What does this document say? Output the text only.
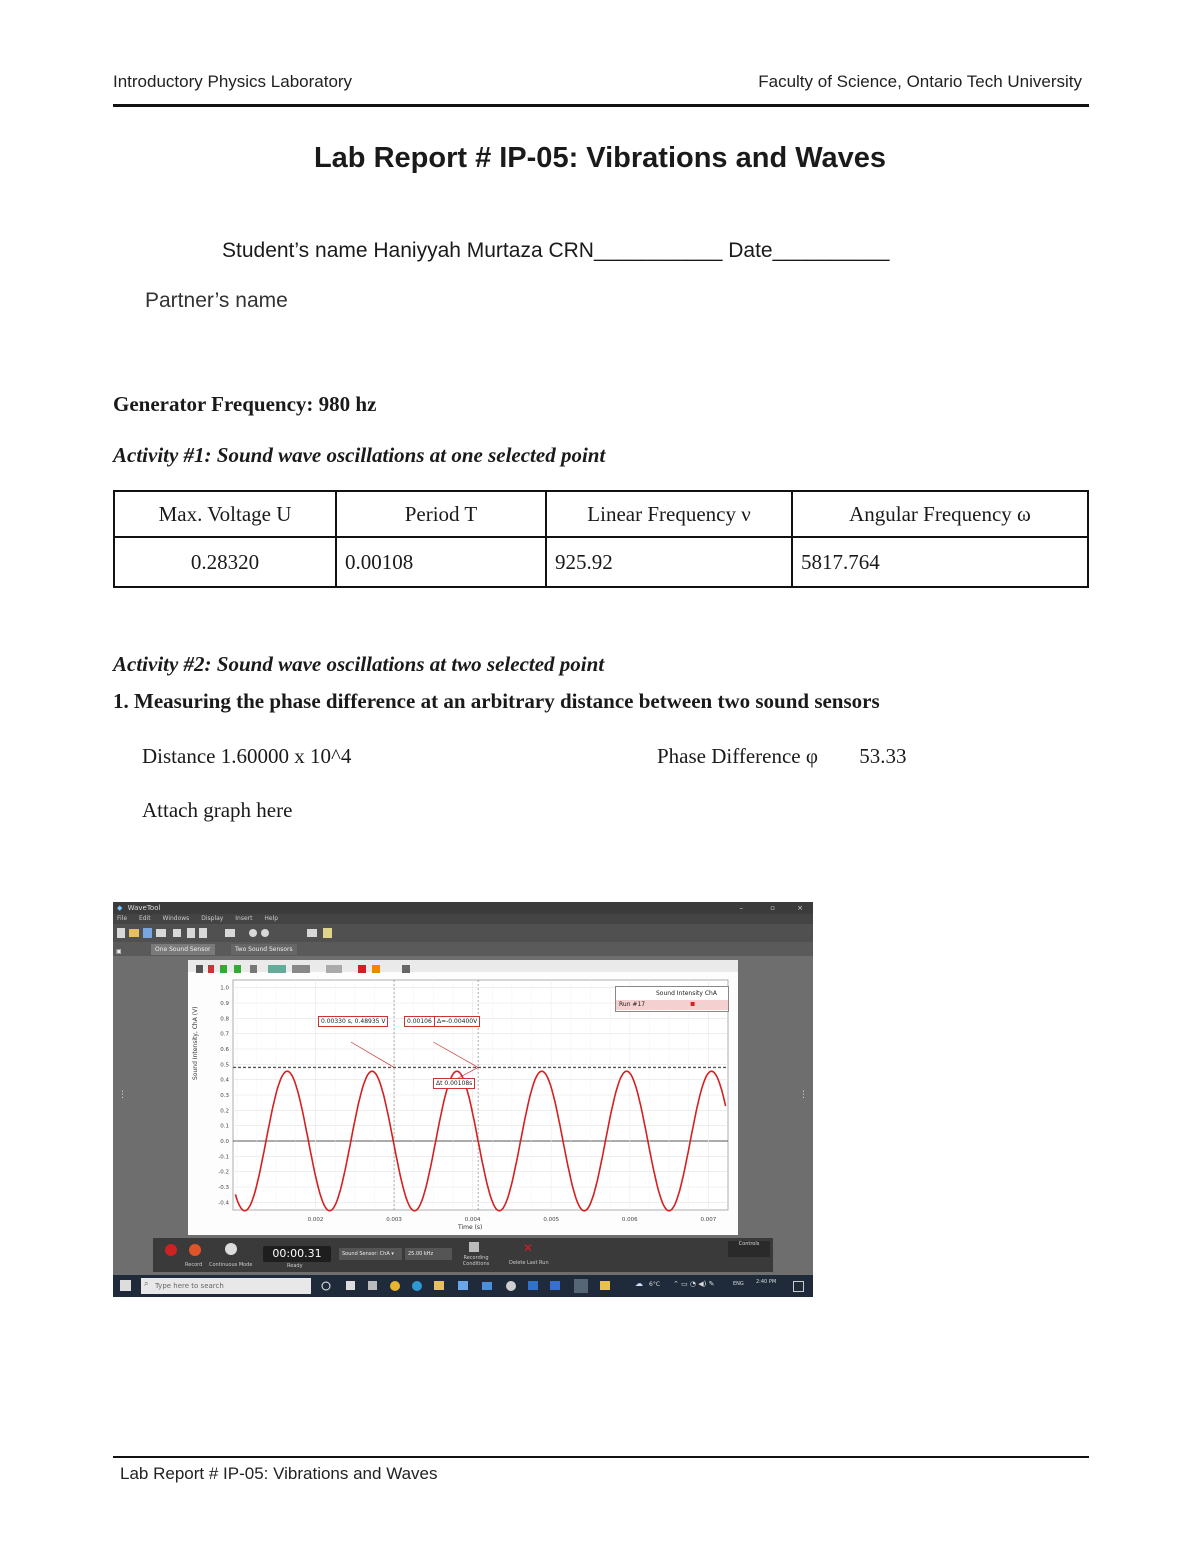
Introductory Physics Laboratory	Faculty of Science, Ontario Tech University
Lab Report # IP-05: Vibrations and Waves
Student’s name Haniyyah Murtaza CRN___________ Date__________
Partner’s name
Generator Frequency: 980 hz
Activity #1: Sound wave oscillations at one selected point
Max. Voltage U	Period T	Linear Frequency ν	Angular Frequency ω
0.28320	0.00108	925.92	5817.764
Activity #2: Sound wave oscillations at two selected point
1. Measuring the phase difference at an arbitrary distance between two sound sensors
Distance 1.60000 x 10^4	Phase Difference φ 53.33
Attach graph here
◆ WaveTool	–	▫	×
File Edit Windows Display Insert Help
▣	One Sound Sensor	Two Sound Sensors
⋮	⋮
1.0
0.9
0.8
0.7
0.6
0.5
0.4
0.3
0.2
0.1
0.0
-0.1
-0.2
-0.3
-0.4
0.002	0.003	0.004	0.005	0.006	0.007
Sound Intensity, ChA (V)
Time (s)
Sound Intensity ChA
Run #17	▪
0.00330 s, 0.48935 V	0.00106 Δ=-0.00400V
Δt 0.00108s
Record Continuous Mode
00:00.31
Ready
Sound Sensor: ChA ▾	25.00 kHz
Recording Conditions
✕
Delete Last Run
Controls
Type here to search
⌕	☁ 6°C ⌃ ▭ ◔ ◀) ✎	ENG 2:40 PM
Lab Report # IP-05: Vibrations and Waves
